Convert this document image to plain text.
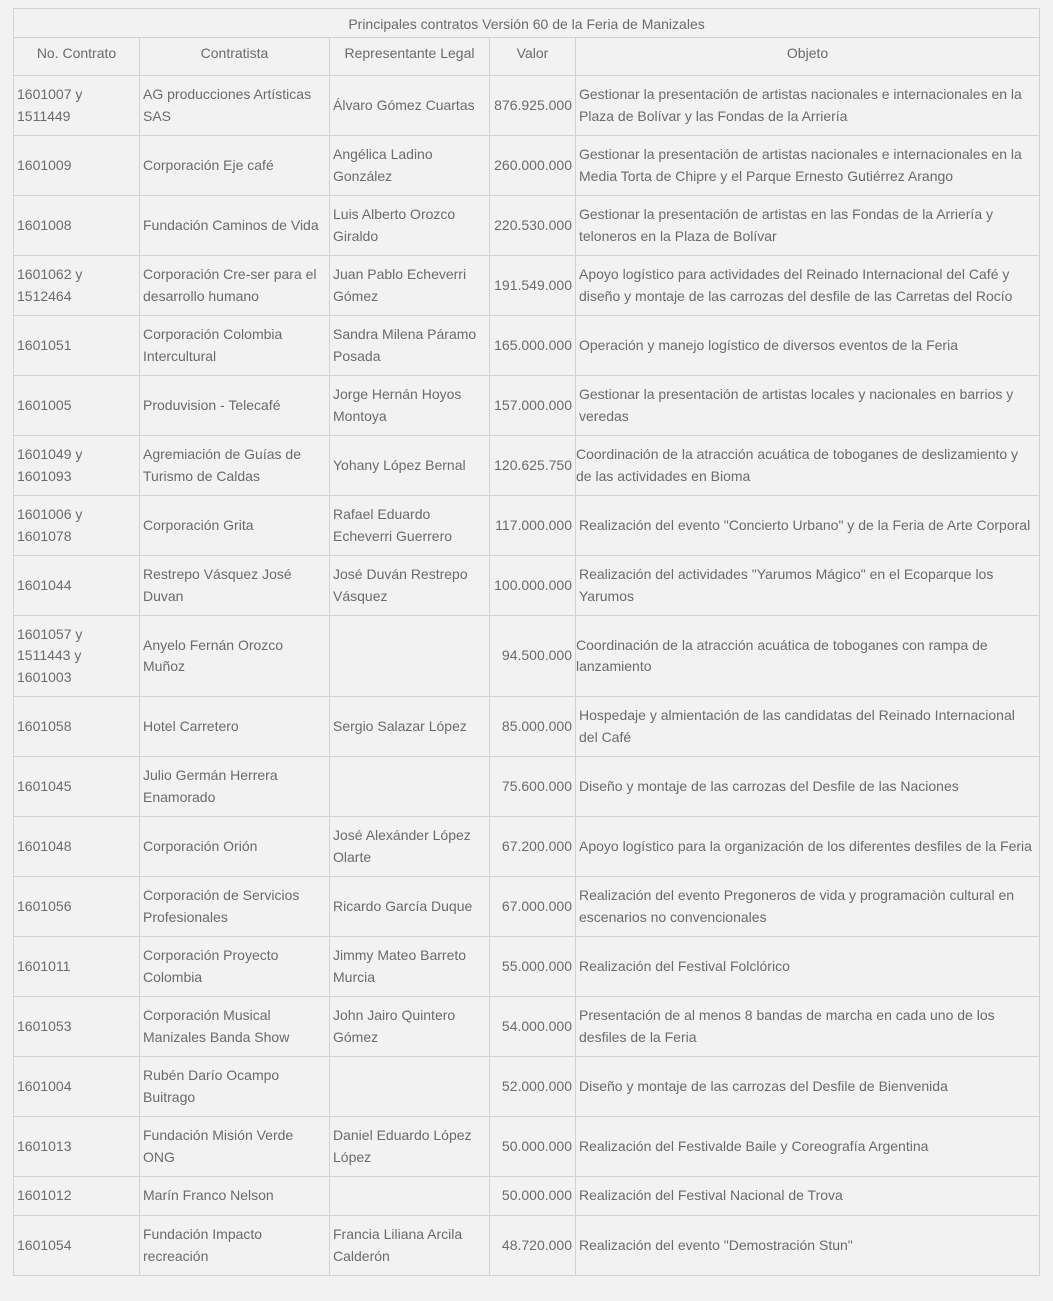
Principales contratos Versión 60 de la Feria de Manizales				
No. Contrato	Contratista	Representante Legal	Valor	Objeto
1601007 y 1511449	AG producciones Artísticas SAS	Álvaro Gómez Cuartas	876.925.000	Gestionar la presentación de artistas nacionales e internacionales en la Plaza de Bolívar y las Fondas de la Arriería
1601009	Corporación Eje café	Angélica Ladino González	260.000.000	Gestionar la presentación de artistas nacionales e internacionales en la Media Torta de Chipre y el Parque Ernesto Gutiérrez Arango
1601008	Fundación Caminos de Vida	Luis Alberto Orozco Giraldo	220.530.000	Gestionar la presentación de artistas en las Fondas de la Arriería y teloneros en la Plaza de Bolívar
1601062 y 1512464	Corporación Cre-ser para el desarrollo humano	Juan Pablo Echeverri Gómez	191.549.000	Apoyo logístico para actividades del Reinado Internacional del Café y diseño y montaje de las carrozas del desfile de las Carretas del Rocío
1601051	Corporación Colombia Intercultural	Sandra Milena Páramo Posada	165.000.000	Operación y manejo logístico de diversos eventos de la Feria
1601005	Produvision - Telecafé	Jorge Hernán Hoyos Montoya	157.000.000	Gestionar la presentación de artistas locales y nacionales en barrios y veredas
1601049 y 1601093	Agremiación de Guías de Turismo de Caldas	Yohany López Bernal	120.625.750	Coordinación de la atracción acuática de toboganes de deslizamiento y de las actividades en Bioma
1601006 y 1601078	Corporación Grita	Rafael Eduardo Echeverri Guerrero	117.000.000	Realización del evento "Concierto Urbano" y de la Feria de Arte Corporal
1601044	Restrepo Vásquez José Duvan	José Duván Restrepo Vásquez	100.000.000	Realización del actividades "Yarumos Mágico" en el Ecoparque los Yarumos
1601057 y 1511443 y 1601003	Anyelo Fernán Orozco Muñoz		94.500.000	Coordinación de la atracción acuática de toboganes con rampa de lanzamiento
1601058	Hotel Carretero	Sergio Salazar López	85.000.000	Hospedaje y almientación de las candidatas del Reinado Internacional del Café
1601045	Julio Germán Herrera Enamorado		75.600.000	Diseño y montaje de las carrozas del Desfile de las Naciones
1601048	Corporación Orión	José Alexánder López Olarte	67.200.000	Apoyo logístico para la organización de los diferentes desfiles de la Feria
1601056	Corporación de Servicios Profesionales	Ricardo García Duque	67.000.000	Realización del evento Pregoneros de vida y programaciòn cultural en escenarios no convencionales
1601011	Corporación Proyecto Colombia	Jimmy Mateo Barreto Murcia	55.000.000	Realización del Festival Folclórico
1601053	Corporación Musical Manizales Banda Show	John Jairo Quintero Gómez	54.000.000	Presentación de al menos 8 bandas de marcha en cada uno de los desfiles de la Feria
1601004	Rubén Darío Ocampo Buitrago		52.000.000	Diseño y montaje de las carrozas del Desfile de Bienvenida
1601013	Fundación Misión Verde ONG	Daniel Eduardo López López	50.000.000	Realización del Festivalde Baile y Coreografía Argentina
1601012	Marín Franco Nelson		50.000.000	Realización del Festival Nacional de Trova
1601054	Fundación Impacto recreación	Francia Liliana Arcila Calderón	48.720.000	Realización del evento "Demostración Stun"
